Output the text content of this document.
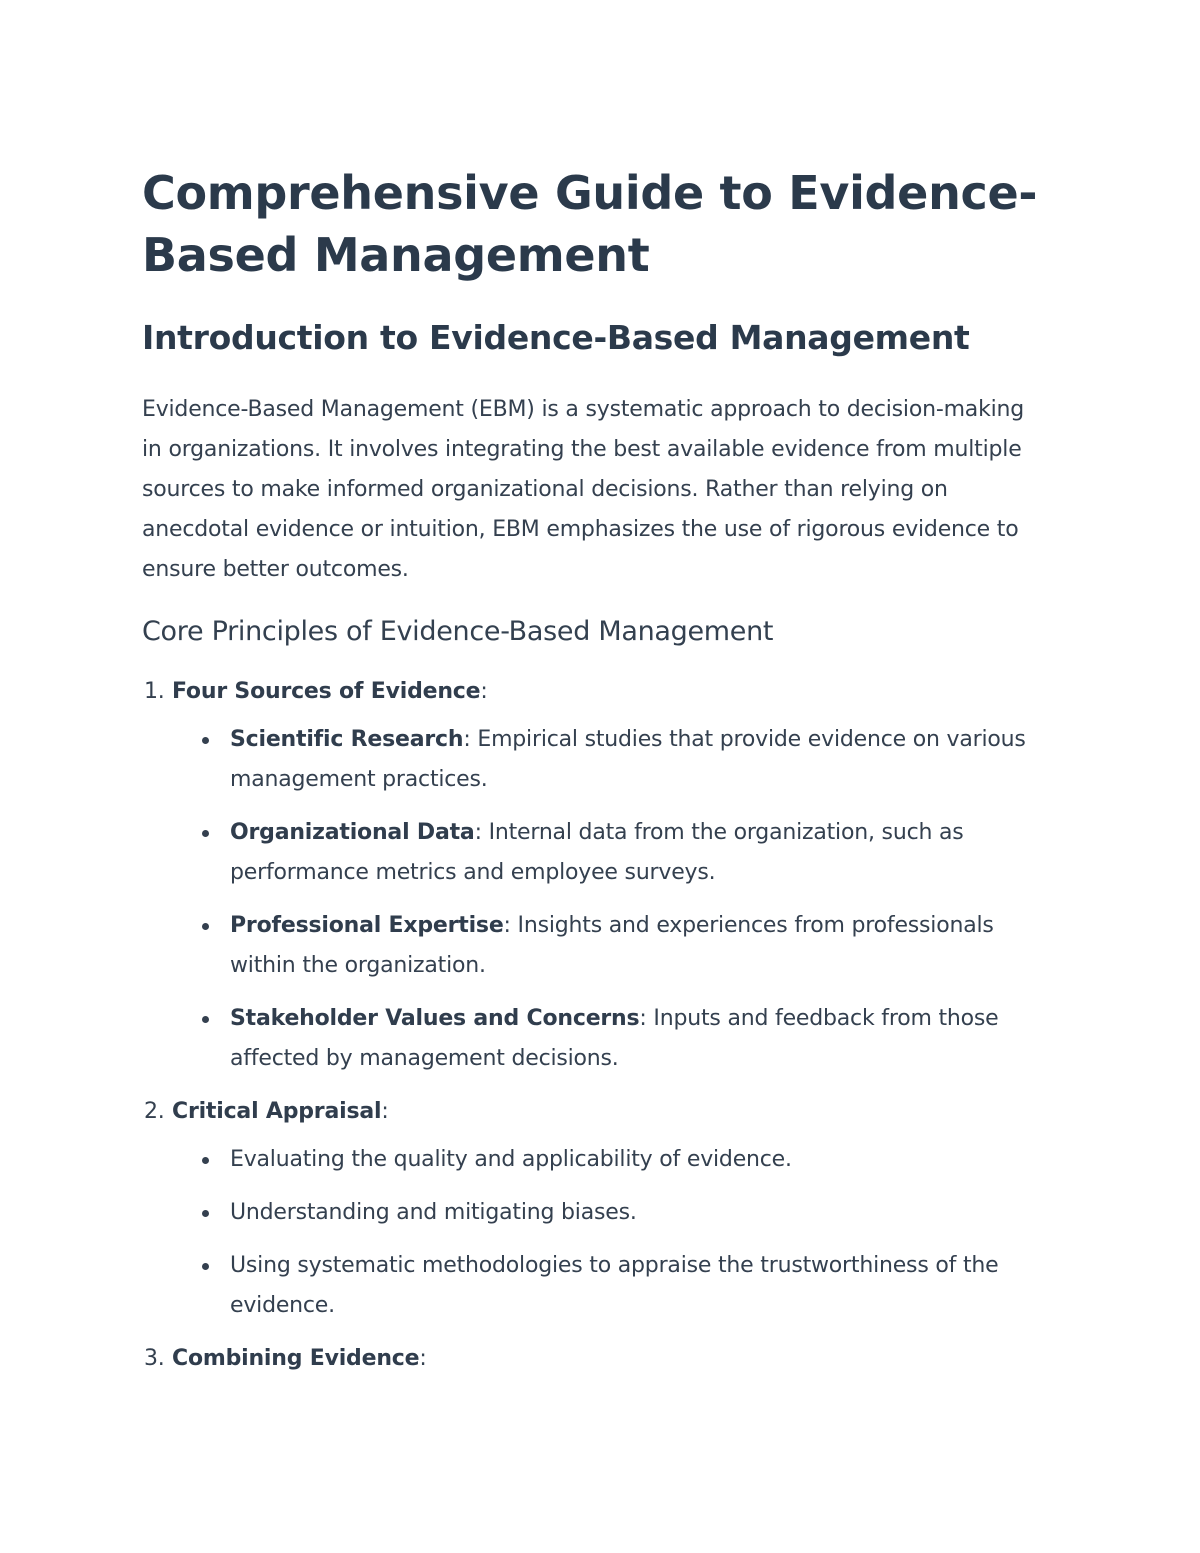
Comprehensive Guide to Evidence-Based Management
Introduction to Evidence-Based Management

Evidence-Based Management (EBM) is a systematic approach to decision-making in organizations. It involves integrating the best available evidence from multiple sources to make informed organizational decisions. Rather than relying on anecdotal evidence or intuition, EBM emphasizes the use of rigorous evidence to ensure better outcomes.

Core Principles of Evidence-Based Management
1. Four Sources of Evidence:
Scientific Research: Empirical studies that provide evidence on various management practices.
Organizational Data: Internal data from the organization, such as performance metrics and employee surveys.
Professional Expertise: Insights and experiences from professionals within the organization.
Stakeholder Values and Concerns: Inputs and feedback from those affected by management decisions.
2. Critical Appraisal:
Evaluating the quality and applicability of evidence.
Understanding and mitigating biases.
Using systematic methodologies to appraise the trustworthiness of the evidence.
3. Combining Evidence:
